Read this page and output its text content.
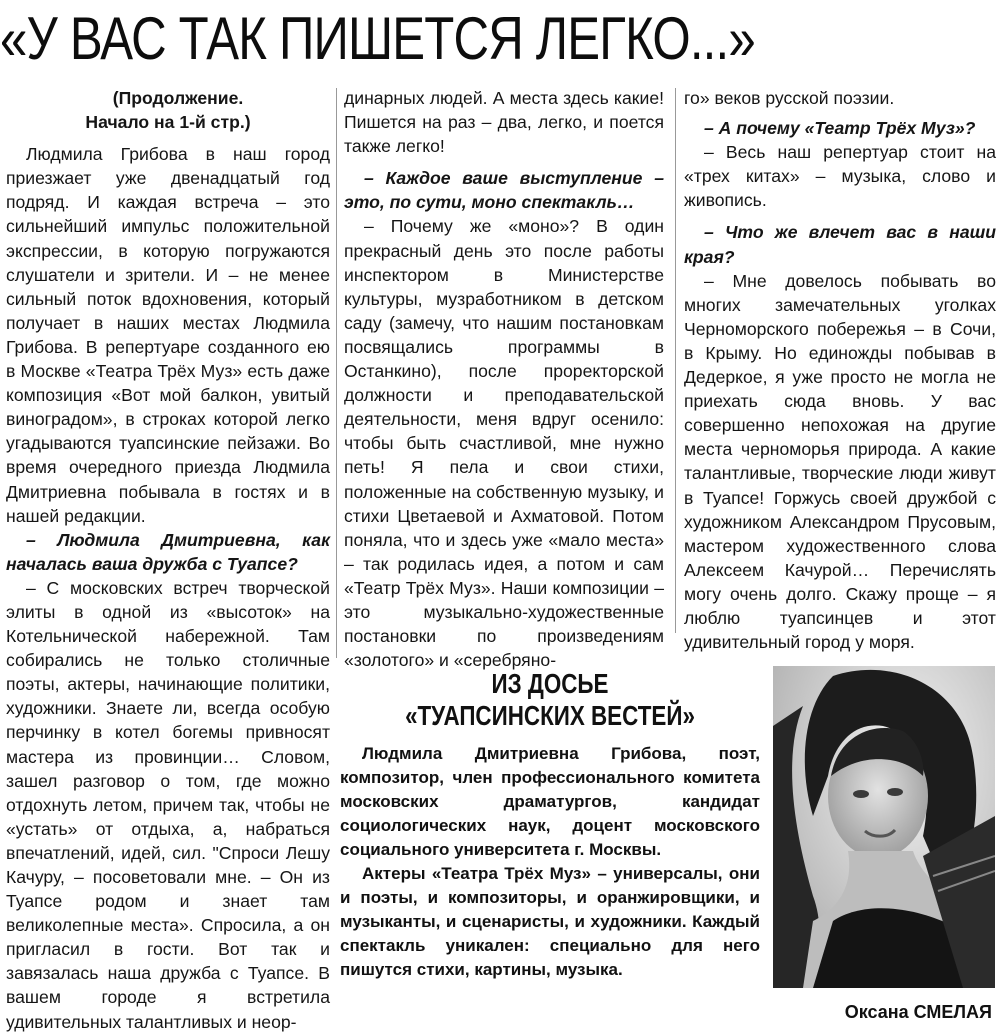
«У ВАС ТАК ПИШЕТСЯ ЛЕГКО...»

(Продолжение.
Начало на 1-й стр.)

Людмила Грибова в наш город приезжает уже двенадцатый год подряд. И каждая встреча – это сильнейший импульс положительной экспрессии, в которую погружаются слушатели и зрители. И – не менее сильный поток вдохновения, который получает в наших местах Людмила Грибова. В репертуаре созданного ею в Москве «Театра Трёх Муз» есть даже композиция «Вот мой балкон, увитый виноградом», в строках которой легко угадываются туапсинские пейзажи. Во время очередного приезда Людмила Дмитриевна побывала в гостях и в нашей редакции.

– Людмила Дмитриевна, как началась ваша дружба с Туапсе?

– С московских встреч творческой элиты в одной из «высоток» на Котельнической набережной. Там собирались не только столичные поэты, актеры, начинающие политики, художники. Знаете ли, всегда особую перчинку в котел богемы привносят мастера из провинции… Словом, зашел разговор о том, где можно отдохнуть летом, причем так, чтобы не «устать» от отдыха, а, набраться впечатлений, идей, сил. "Спроси Лешу Качуру, – посоветовали мне. – Он из Туапсе родом и знает там великолепные места». Спросила, а он пригласил в гости. Вот так и завязалась наша дружба с Туапсе. В вашем городе я встретила удивительных талантливых и неор-

динарных людей. А места здесь какие! Пишется на раз – два, легко, и поется также легко!

– Каждое ваше выступление – это, по сути, моно спектакль…

– Почему же «моно»? В один прекрасный день это после работы инспектором в Министерстве культуры, музработником в детском саду (замечу, что нашим постановкам посвящались программы в Останкино), после проректорской должности и преподавательской деятельности, меня вдруг осенило: чтобы быть счастливой, мне нужно петь! Я пела и свои стихи, положенные на собственную музыку, и стихи Цветаевой и Ахматовой. Потом поняла, что и здесь уже «мало места» – так родилась идея, а потом и сам «Театр Трёх Муз». Наши композиции – это музыкально-художественные постановки по произведениям «золотого» и «серебряно-

го» веков русской поэзии.

– А почему «Театр Трёх Муз»?

– Весь наш репертуар стоит на «трех китах» – музыка, слово и живопись.

– Что же влечет вас в наши края?

– Мне довелось побывать во многих замечательных уголках Черноморского побережья – в Сочи, в Крыму. Но единожды побывав в Дедеркое, я уже просто не могла не приехать сюда вновь. У вас совершенно непохожая на другие места черноморья природа. А какие талантливые, творческие люди живут в Туапсе! Горжусь своей дружбой с художником Александром Прусовым, мастером художественного слова Алексеем Качурой… Перечислять могу очень долго. Скажу проще – я люблю туапсинцев и этот удивительный город у моря.

ИЗ ДОСЬЕ
«ТУАПСИНСКИХ ВЕСТЕЙ»

Людмила Дмитриевна Грибова, поэт, композитор, член профессионального комитета московских драматургов, кандидат социологических наук, доцент московского социального университета г. Москвы.

Актеры «Театра Трёх Муз» – универсалы, они и поэты, и композиторы, и оранжировщики, и музыканты, и сценаристы, и художники. Каждый спектакль уникален: специально для него пишутся стихи, картины, музыка.

Оксана СМЕЛАЯ
